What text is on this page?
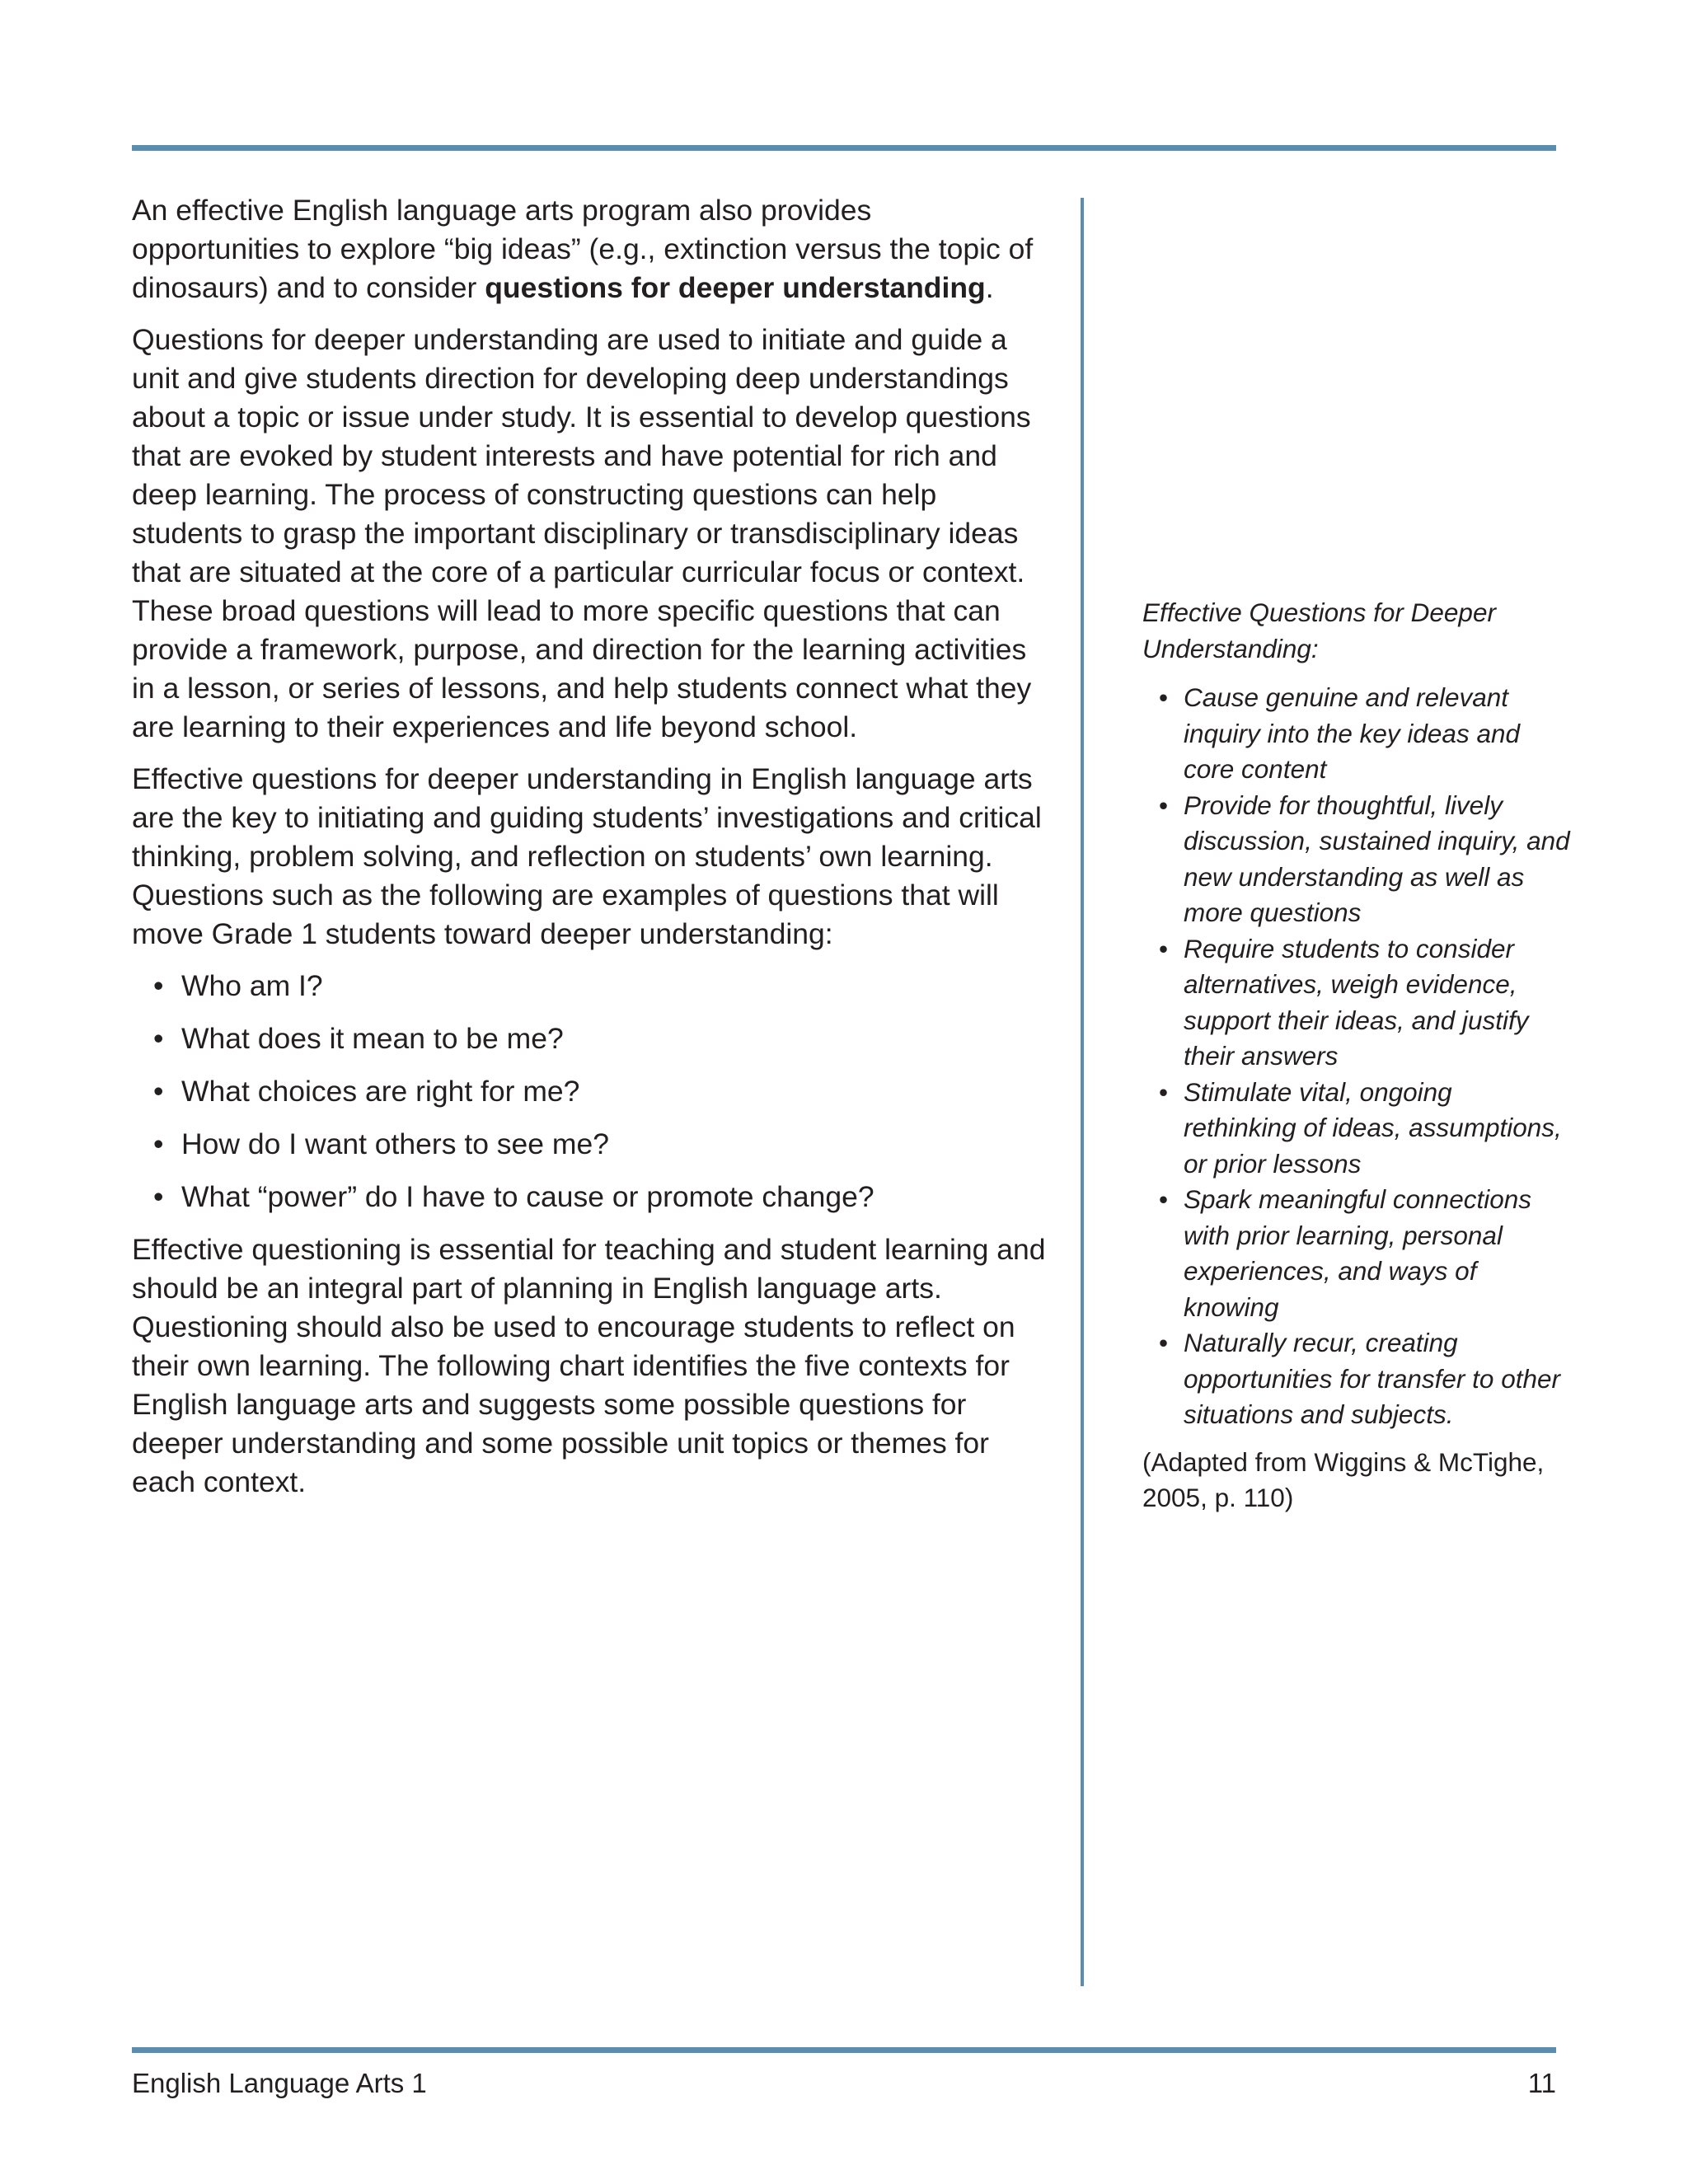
An effective English language arts program also provides opportunities to explore “big ideas” (e.g., extinction versus the topic of dinosaurs) and to consider questions for deeper understanding.

Questions for deeper understanding are used to initiate and guide a unit and give students direction for developing deep understandings about a topic or issue under study. It is essential to develop questions that are evoked by student interests and have potential for rich and deep learning. The process of constructing questions can help students to grasp the important disciplinary or transdisciplinary ideas that are situated at the core of a particular curricular focus or context. These broad questions will lead to more specific questions that can provide a framework, purpose, and direction for the learning activities in a lesson, or series of lessons, and help students connect what they are learning to their experiences and life beyond school.

Effective questions for deeper understanding in English language arts are the key to initiating and guiding students’ investigations and critical thinking, problem solving, and reflection on students’ own learning. Questions such as the following are examples of questions that will move Grade 1 students toward deeper understanding:

• Who am I?
• What does it mean to be me?
• What choices are right for me?
• How do I want others to see me?
• What “power” do I have to cause or promote change?

Effective questioning is essential for teaching and student learning and should be an integral part of planning in English language arts. Questioning should also be used to encourage students to reflect on their own learning. The following chart identifies the five contexts for English language arts and suggests some possible questions for deeper understanding and some possible unit topics or themes for each context.

Effective Questions for Deeper Understanding:

• Cause genuine and relevant inquiry into the key ideas and core content
• Provide for thoughtful, lively discussion, sustained inquiry, and new understanding as well as more questions
• Require students to consider alternatives, weigh evidence, support their ideas, and justify their answers
• Stimulate vital, ongoing rethinking of ideas, assumptions, or prior lessons
• Spark meaningful connections with prior learning, personal experiences, and ways of knowing
• Naturally recur, creating opportunities for transfer to other situations and subjects.

(Adapted from Wiggins & McTighe, 2005, p. 110)

English Language Arts 1	11
